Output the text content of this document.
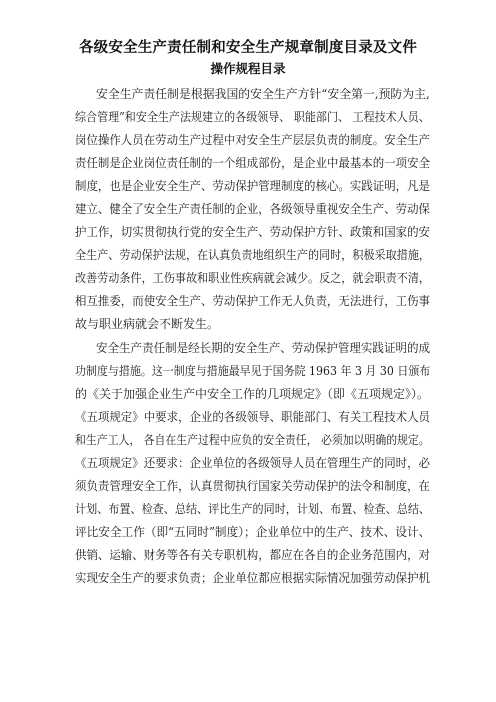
各级安全生产责任制和安全生产规章制度目录及文件
操作规程目录
安全生产责任制是根据我国的安全生产方针“安全第一,预防为主,
综合管理”和安全生产法规建立的各级领导、 职能部门、 工程技术人员、
岗位操作人员在劳动生产过程中对安全生产层层负责的制度。安全生产
责任制是企业岗位责任制的一个组成部份，是企业中最基本的一项安全
制度，也是企业安全生产、劳动保护管理制度的核心。实践证明，凡是
建立、健全了安全生产责任制的企业，各级领导重视安全生产、劳动保
护工作，切实贯彻执行党的安全生产、劳动保护方针、政策和国家的安
全生产、劳动保护法规，在认真负责地组织生产的同时，积极采取措施，
改善劳动条件，工伤事故和职业性疾病就会减少。反之，就会职责不清，
相互推委，而使安全生产、劳动保护工作无人负责，无法进行，工伤事
故与职业病就会不断发生。
安全生产责任制是经长期的安全生产、劳动保护管理实践证明的成
功制度与措施。这一制度与措施最早见于国务院 1963 年 3 月 30 日颁布
的《关于加强企业生产中安全工作的几项规定》（即《五项规定》）。
《五项规定》中要求，企业的各级领导、职能部门、有关工程技术人员
和生产工人， 各自在生产过程中应负的安全责任， 必须加以明确的规定。
《五项规定》还要求：企业单位的各级领导人员在管理生产的同时，必
须负责管理安全工作，认真贯彻执行国家关劳动保护的法令和制度，在
计划、布置、检查、总结、评比生产的同时，计划、布置、检查、总结、
评比安全工作（即“五同时”制度）；企业单位中的生产、技术、设计、
供销、运输、财务等各有关专职机构，都应在各自的企业务范围内，对
实现安全生产的要求负责；企业单位都应根据实际情况加强劳动保护机
